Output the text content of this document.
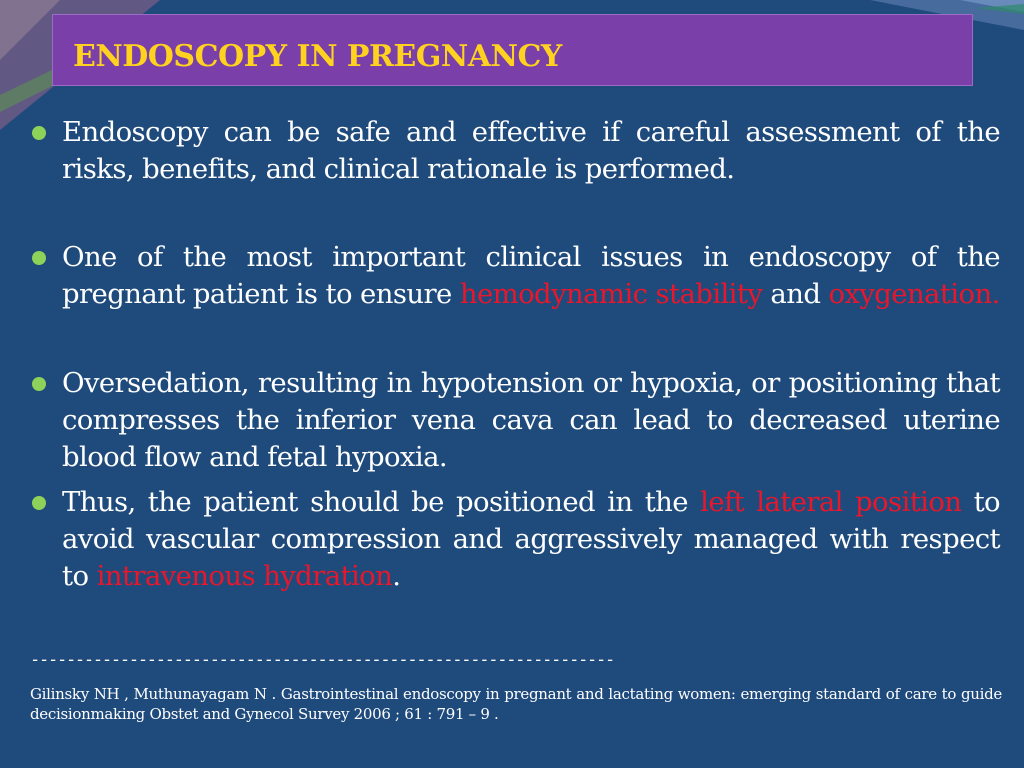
ENDOSCOPY IN PREGNANCY
Endoscopy can be safe and effective if careful assessment of the risks, benefits, and clinical rationale is performed.
One of the most important clinical issues in endoscopy of the pregnant patient is to ensure hemodynamic stability and oxygenation.
Oversedation, resulting in hypotension or hypoxia, or positioning that compresses the inferior vena cava can lead to decreased uterine blood flow and fetal hypoxia.
Thus, the patient should be positioned in the left lateral position to avoid vascular compression and aggressively managed with respect to intravenous hydration.
-----------------------------------------------------------------
Gilinsky NH , Muthunayagam N . Gastrointestinal endoscopy in pregnant and lactating women: emerging standard of care to guide decisionmaking Obstet and Gynecol Survey 2006 ; 61 : 791 – 9 .
